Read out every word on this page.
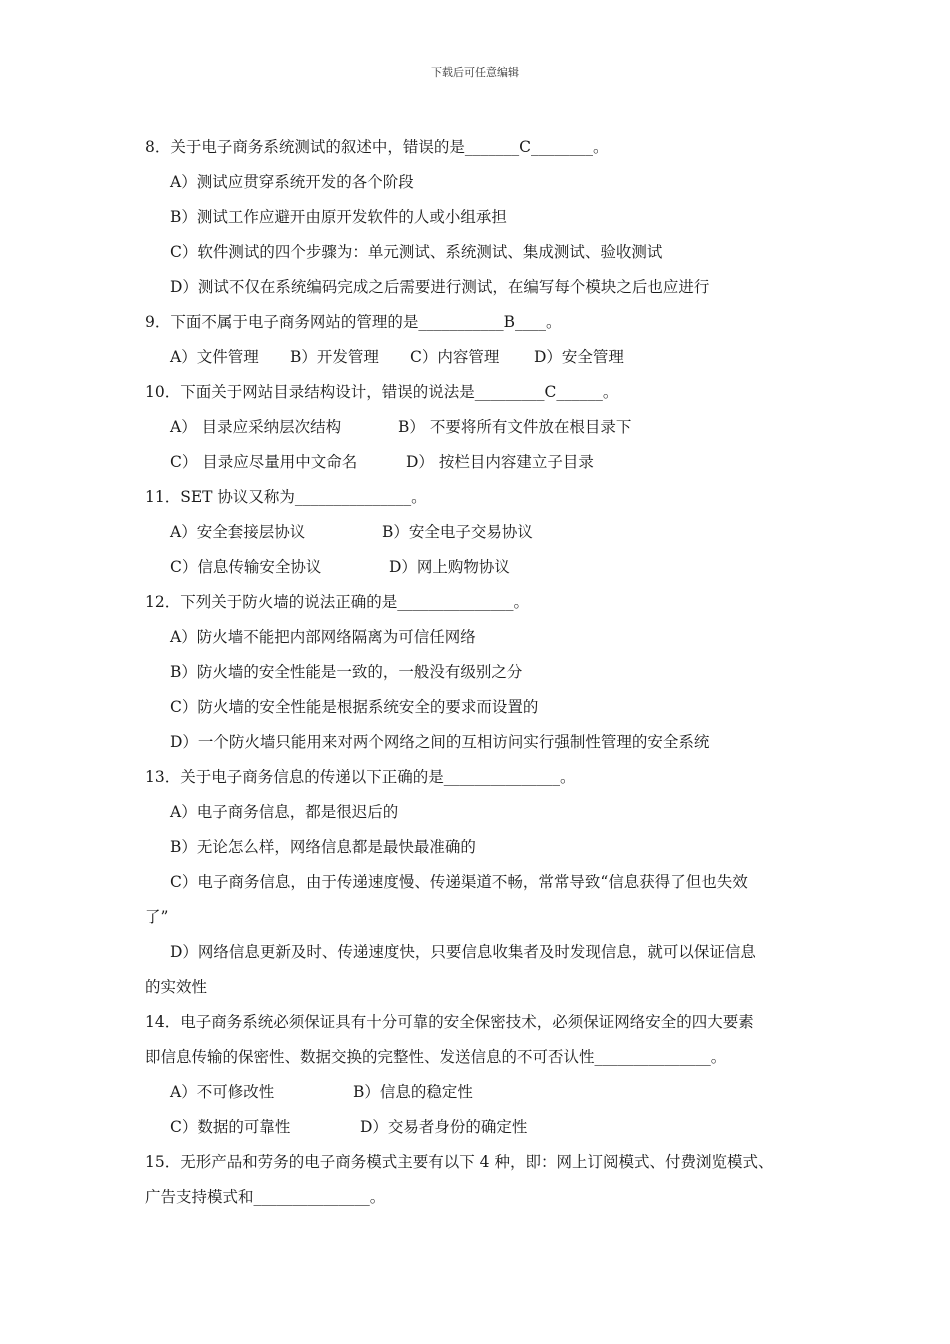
下载后可任意编辑
8．关于电子商务系统测试的叙述中，错误的是_______C________。
A）测试应贯穿系统开发的各个阶段
B）测试工作应避开由原开发软件的人或小组承担
C）软件测试的四个步骤为：单元测试、系统测试、集成测试、验收测试
D）测试不仅在系统编码完成之后需要进行测试，在编写每个模块之后也应进行
9．下面不属于电子商务网站的管理的是___________B____。
A）文件管理 B）开发管理 C）内容管理 D）安全管理
10．下面关于网站目录结构设计，错误的说法是_________C______。
A） 目录应采纳层次结构	B） 不要将所有文件放在根目录下
C） 目录应尽量用中文命名	D） 按栏目内容建立子目录
11．SET 协议又称为_______________。
A）安全套接层协议	B）安全电子交易协议
C）信息传输安全协议	D）网上购物协议
12．下列关于防火墙的说法正确的是_______________。
A）防火墙不能把内部网络隔离为可信任网络
B）防火墙的安全性能是一致的，一般没有级别之分
C）防火墙的安全性能是根据系统安全的要求而设置的
D）一个防火墙只能用来对两个网络之间的互相访问实行强制性管理的安全系统
13．关于电子商务信息的传递以下正确的是_______________。
A）电子商务信息，都是很迟后的
B）无论怎么样，网络信息都是最快最准确的
C）电子商务信息，由于传递速度慢、传递渠道不畅，常常导致“信息获得了但也失效
了”
D）网络信息更新及时、传递速度快，只要信息收集者及时发现信息，就可以保证信息
的实效性
14．电子商务系统必须保证具有十分可靠的安全保密技术，必须保证网络安全的四大要素
即信息传输的保密性、数据交换的完整性、发送信息的不可否认性_______________。
A）不可修改性	B）信息的稳定性
C）数据的可靠性	D）交易者身份的确定性
15．无形产品和劳务的电子商务模式主要有以下 4 种，即：网上订阅模式、付费浏览模式、
广告支持模式和_______________。
